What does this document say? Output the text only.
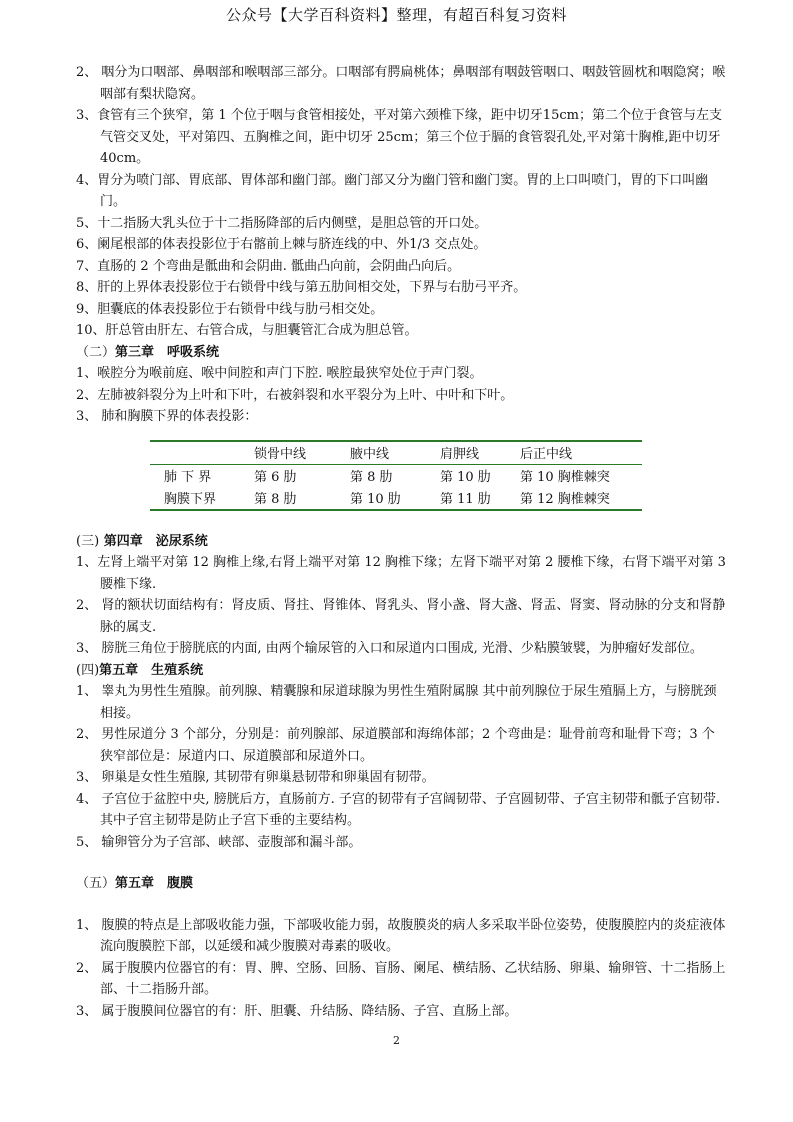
公众号【大学百科资料】整理，有超百科复习资料
2、 咽分为口咽部、鼻咽部和喉咽部三部分。口咽部有腭扁桃体；鼻咽部有咽鼓管咽口、咽鼓管圆枕和咽隐窝；喉咽部有梨状隐窝。
3、食管有三个狭窄，第 1 个位于咽与食管相接处，平对第六颈椎下缘，距中切牙15cm；第二个位于食管与左支气管交叉处，平对第四、五胸椎之间，距中切牙 25cm；第三个位于膈的食管裂孔处,平对第十胸椎,距中切牙 40cm。
4、胃分为喷门部、胃底部、胃体部和幽门部。幽门部又分为幽门管和幽门窦。胃的上口叫喷门，胃的下口叫幽门。
5、十二指肠大乳头位于十二指肠降部的后内侧壁，是胆总管的开口处。
6、阑尾根部的体表投影位于右髂前上棘与脐连线的中、外1/3 交点处。
7、直肠的 2 个弯曲是骶曲和会阴曲. 骶曲凸向前，会阴曲凸向后。
8、肝的上界体表投影位于右锁骨中线与第五肋间相交处，下界与右肋弓平齐。
9、胆囊底的体表投影位于右锁骨中线与肋弓相交处。
10、肝总管由肝左、右管合成，与胆囊管汇合成为胆总管。
（二）第三章　呼吸系统
1、喉腔分为喉前庭、喉中间腔和声门下腔. 喉腔最狭窄处位于声门裂。
2、左肺被斜裂分为上叶和下叶，右被斜裂和水平裂分为上叶、中叶和下叶。
3、 肺和胸膜下界的体表投影：
	锁骨中线	腋中线	肩胛线	后正中线
肺 下 界	第 6 肋	第 8 肋	第 10 肋	第 10 胸椎棘突
胸膜下界	第 8 肋	第 10 肋	第 11 肋	第 12 胸椎棘突
(三) 第四章　泌尿系统
1、左肾上端平对第 12 胸椎上缘,右肾上端平对第 12 胸椎下缘；左肾下端平对第 2 腰椎下缘，右肾下端平对第 3 腰椎下缘.
2、 肾的额状切面结构有：肾皮质、肾拄、肾锥体、肾乳头、肾小盏、肾大盏、肾盂、肾窦、肾动脉的分支和肾静脉的属支.
3、 膀胱三角位于膀胱底的内面, 由两个输尿管的入口和尿道内口围成, 光滑、少粘膜皱襞，为肿瘤好发部位。
(四)第五章　生殖系统
1、 睾丸为男性生殖腺。前列腺、精囊腺和尿道球腺为男性生殖附属腺 其中前列腺位于尿生殖膈上方，与膀胱颈相接。
2、 男性尿道分 3 个部分，分别是：前列腺部、尿道膜部和海绵体部；2 个弯曲是：耻骨前弯和耻骨下弯；3 个狭窄部位是：尿道内口、尿道膜部和尿道外口。
3、 卵巢是女性生殖腺, 其韧带有卵巢悬韧带和卵巢固有韧带。
4、 子宫位于盆腔中央, 膀胱后方，直肠前方. 子宫的韧带有子宫阔韧带、子宫圆韧带、子宫主韧带和骶子宫韧带. 其中子宫主韧带是防止子宫下垂的主要结构。
5、 输卵管分为子宫部、峡部、壶腹部和漏斗部。
（五）第五章　腹膜
1、 腹膜的特点是上部吸收能力强，下部吸收能力弱，故腹膜炎的病人多采取半卧位姿势，使腹膜腔内的炎症液体流向腹膜腔下部，以延缓和减少腹膜对毒素的吸收。
2、 属于腹膜内位器官的有：胃、脾、空肠、回肠、盲肠、阑尾、横结肠、乙状结肠、卵巢、输卵管、十二指肠上部、十二指肠升部。
3、 属于腹膜间位器官的有：肝、胆囊、升结肠、降结肠、子宫、直肠上部。
2
